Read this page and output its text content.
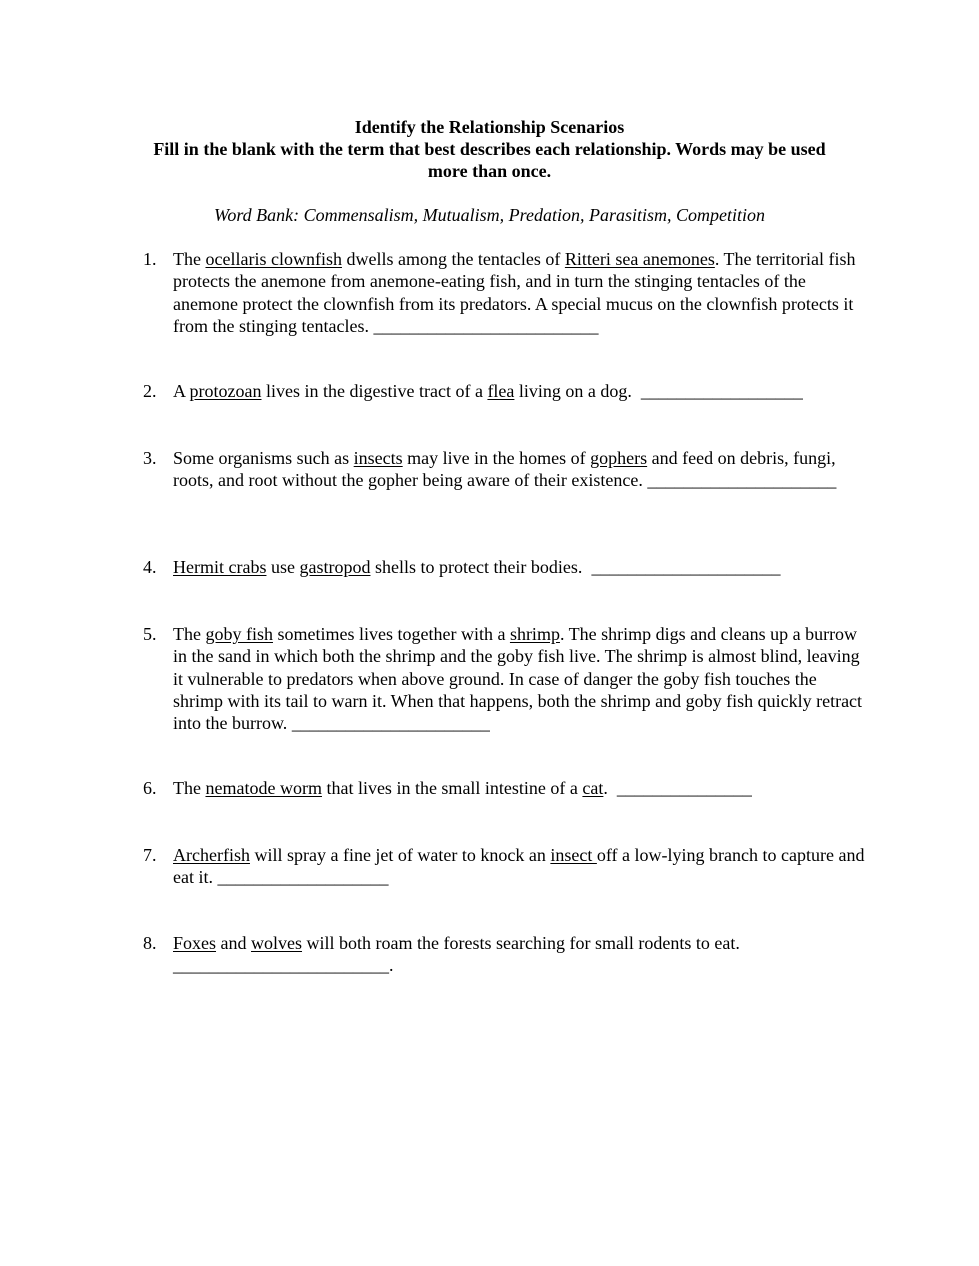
Identify the Relationship Scenarios
Fill in the blank with the term that best describes each relationship. Words may be used
more than once.
Word Bank: Commensalism, Mutualism, Predation, Parasitism, Competition
1. The ocellaris clownfish dwells among the tentacles of Ritteri sea anemones. The territorial fish protects the anemone from anemone-eating fish, and in turn the stinging tentacles of the anemone protect the clownfish from its predators. A special mucus on the clownfish protects it from the stinging tentacles. _________________________
2. A protozoan lives in the digestive tract of a flea living on a dog.  __________________
3. Some organisms such as insects may live in the homes of gophers and feed on debris, fungi, roots, and root without the gopher being aware of their existence. _____________________
4. Hermit crabs use gastropod shells to protect their bodies.  _____________________
5. The goby fish sometimes lives together with a shrimp. The shrimp digs and cleans up a burrow in the sand in which both the shrimp and the goby fish live. The shrimp is almost blind, leaving it vulnerable to predators when above ground. In case of danger the goby fish touches the shrimp with its tail to warn it. When that happens, both the shrimp and goby fish quickly retract into the burrow. ______________________
6. The nematode worm that lives in the small intestine of a cat.  _______________
7. Archerfish will spray a fine jet of water to knock an insect off a low-lying branch to capture and eat it. ___________________
8. Foxes and wolves will both roam the forests searching for small rodents to eat. ________________________.
